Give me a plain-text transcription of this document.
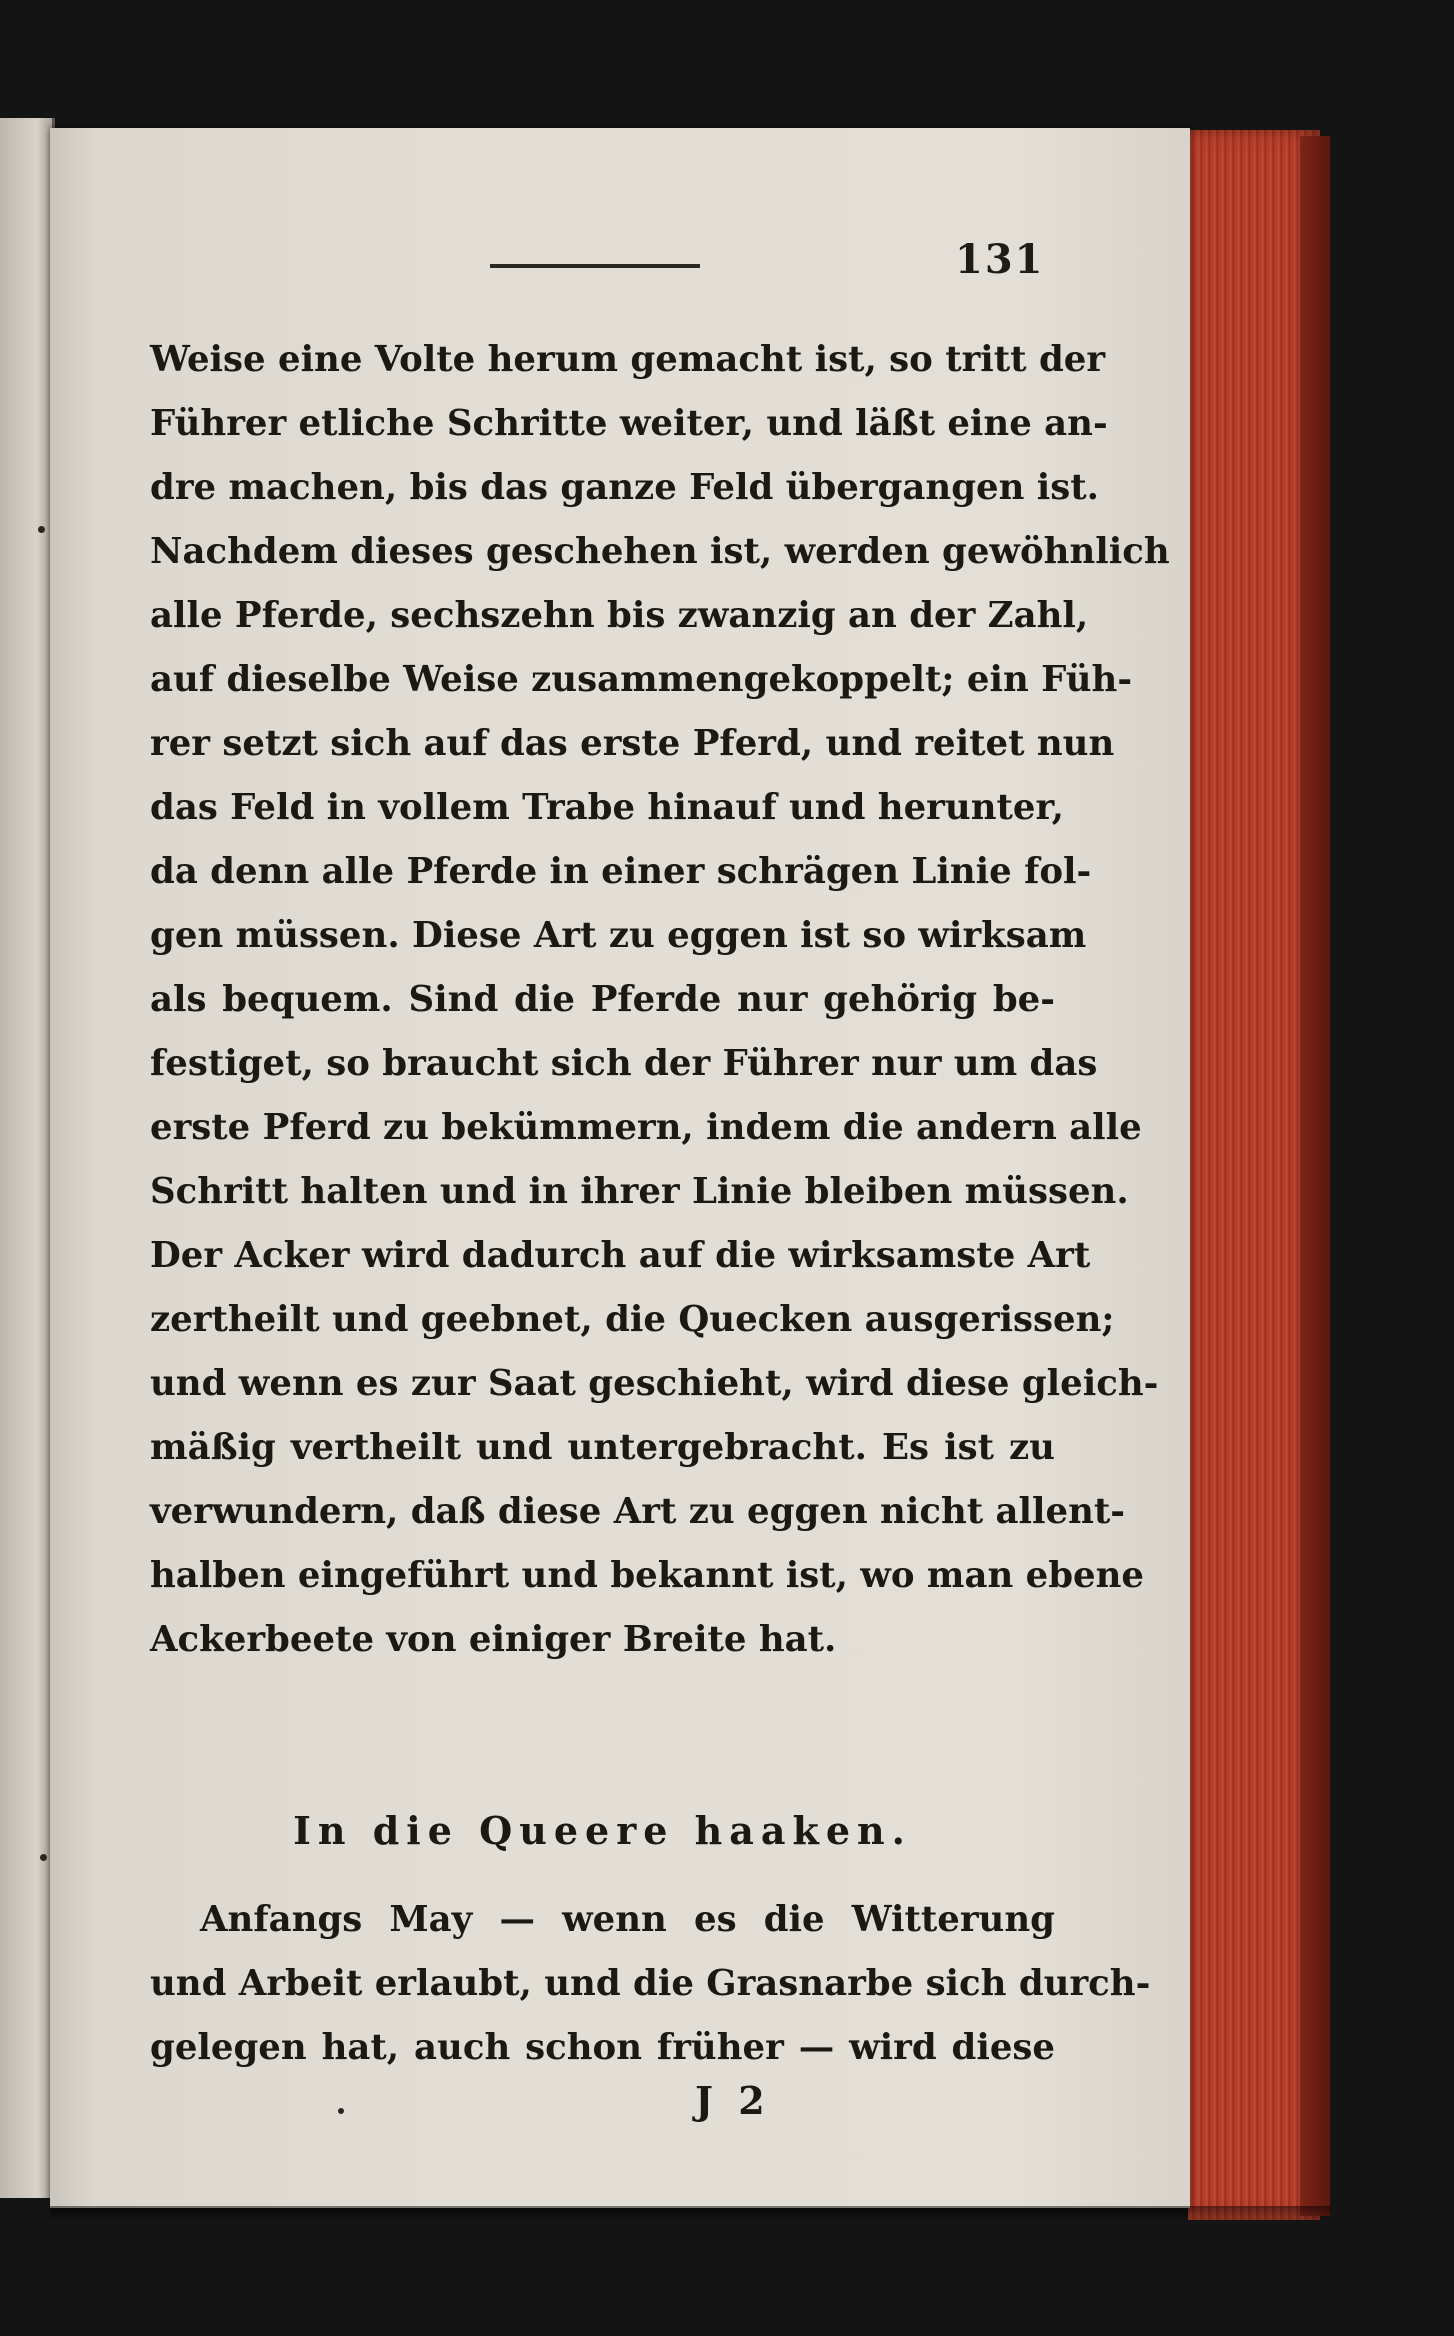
131
Weise eine Volte herum gemacht ist, so tritt der
Führer etliche Schritte weiter, und läßt eine an-
dre machen, bis das ganze Feld übergangen ist.
Nachdem dieses geschehen ist, werden gewöhnlich
alle Pferde, sechszehn bis zwanzig an der Zahl,
auf dieselbe Weise zusammengekoppelt; ein Füh-
rer setzt sich auf das erste Pferd, und reitet nun
das Feld in vollem Trabe hinauf und herunter,
da denn alle Pferde in einer schrägen Linie fol-
gen müssen. Diese Art zu eggen ist so wirksam
als bequem. Sind die Pferde nur gehörig be-
festiget, so braucht sich der Führer nur um das
erste Pferd zu bekümmern, indem die andern alle
Schritt halten und in ihrer Linie bleiben müssen.
Der Acker wird dadurch auf die wirksamste Art
zertheilt und geebnet, die Quecken ausgerissen;
und wenn es zur Saat geschieht, wird diese gleich-
mäßig vertheilt und untergebracht. Es ist zu
verwundern, daß diese Art zu eggen nicht allent-
halben eingeführt und bekannt ist, wo man ebene
Ackerbeete von einiger Breite hat.
In die Queere haaken.
Anfangs May — wenn es die Witterung
und Arbeit erlaubt, und die Grasnarbe sich durch-
gelegen hat, auch schon früher — wird diese
J 2
